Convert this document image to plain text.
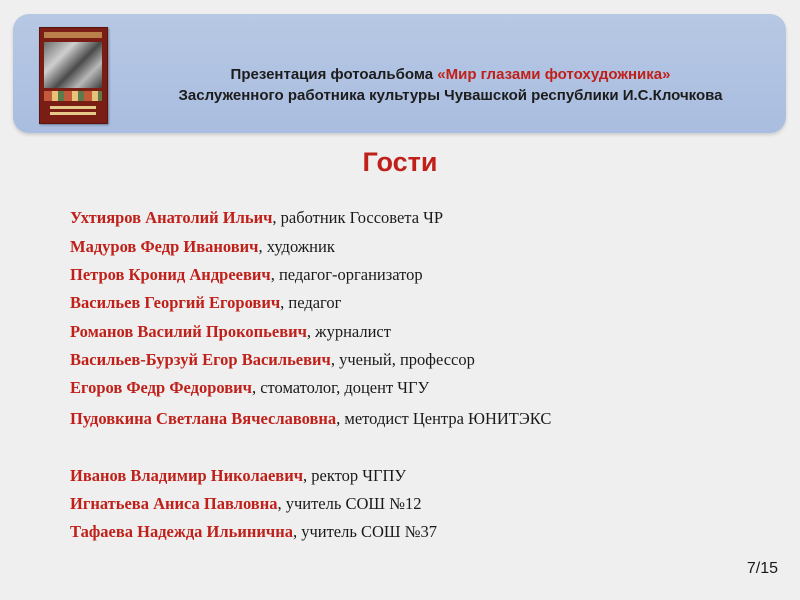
Презентация фотоальбома «Мир глазами фотохудожника»
Заслуженного работника культуры Чувашской республики И.С.Клочкова
Гости
Ухтияров Анатолий Ильич, работник Госсовета ЧР
Мадуров Федр Иванович, художник
Петров Кронид Андреевич, педагог-организатор
Васильев Георгий Егорович, педагог
Романов Василий Прокопьевич, журналист
Васильев-Бурзуй Егор Васильевич, ученый, профессор
Егоров Федр Федорович, стоматолог, доцент ЧГУ
Пудовкина Светлана Вячеславовна, методист Центра ЮНИТЭКС
Иванов Владимир Николаевич, ректор ЧГПУ
Игнатьева Аниса Павловна, учитель СОШ №12
Тафаева Надежда Ильинична, учитель СОШ №37
7/15
